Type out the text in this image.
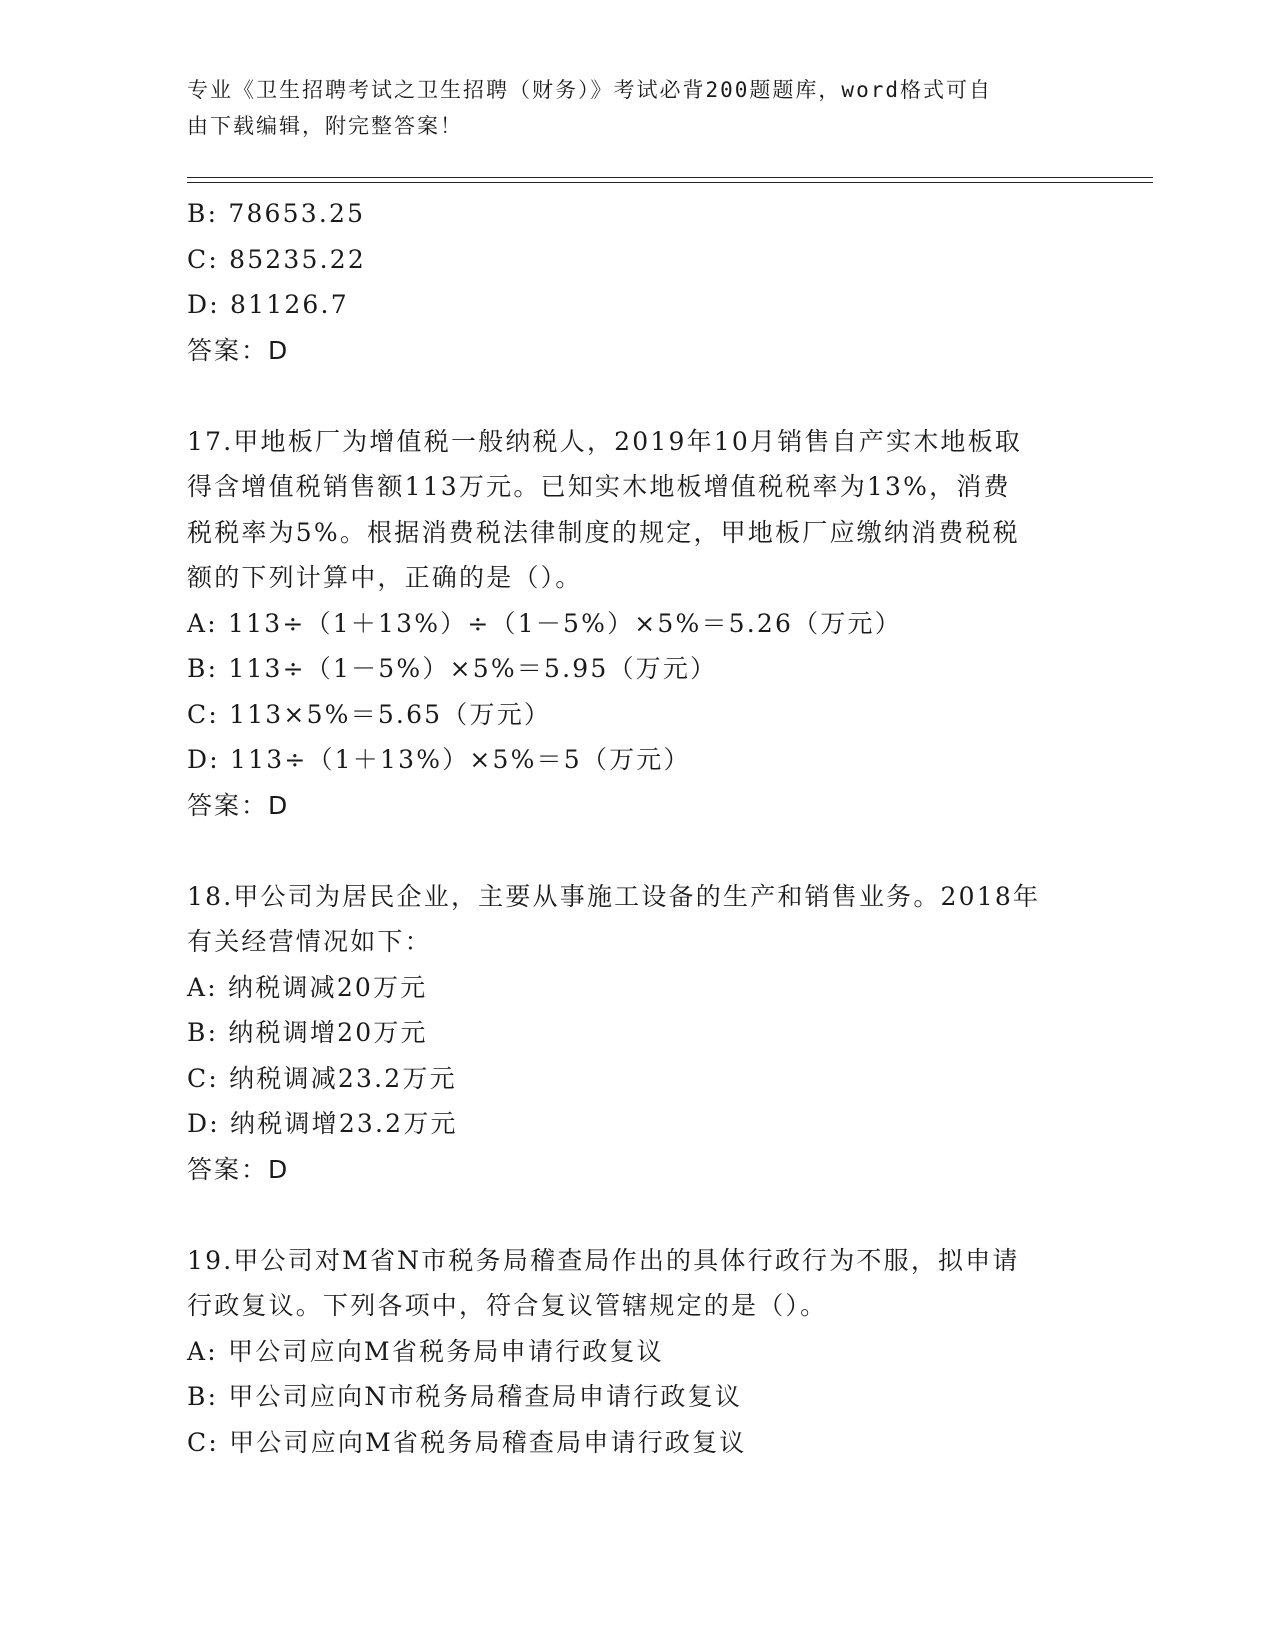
专业《卫生招聘考试之卫生招聘（财务）》考试必背200题题库，word格式可自
由下载编辑，附完整答案！
B: 78653.25
C: 85235.22
D: 81126.7
答案：D
17.甲地板厂为增值税一般纳税人，2019年10月销售自产实木地板取
得含增值税销售额113万元。已知实木地板增值税税率为13%，消费
税税率为5%。根据消费税法律制度的规定，甲地板厂应缴纳消费税税
额的下列计算中，正确的是（）。
A: 113÷（1＋13%）÷（1－5%）×5%＝5.26（万元）
B: 113÷（1－5%）×5%＝5.95（万元）
C: 113×5%＝5.65（万元）
D: 113÷（1＋13%）×5%＝5（万元）
答案：D
18.甲公司为居民企业，主要从事施工设备的生产和销售业务。2018年
有关经营情况如下：
A: 纳税调减20万元
B: 纳税调增20万元
C: 纳税调减23.2万元
D: 纳税调增23.2万元
答案：D
19.甲公司对M省N市税务局稽查局作出的具体行政行为不服，拟申请
行政复议。下列各项中，符合复议管辖规定的是（）。
A: 甲公司应向M省税务局申请行政复议
B: 甲公司应向N市税务局稽查局申请行政复议
C: 甲公司应向M省税务局稽查局申请行政复议
